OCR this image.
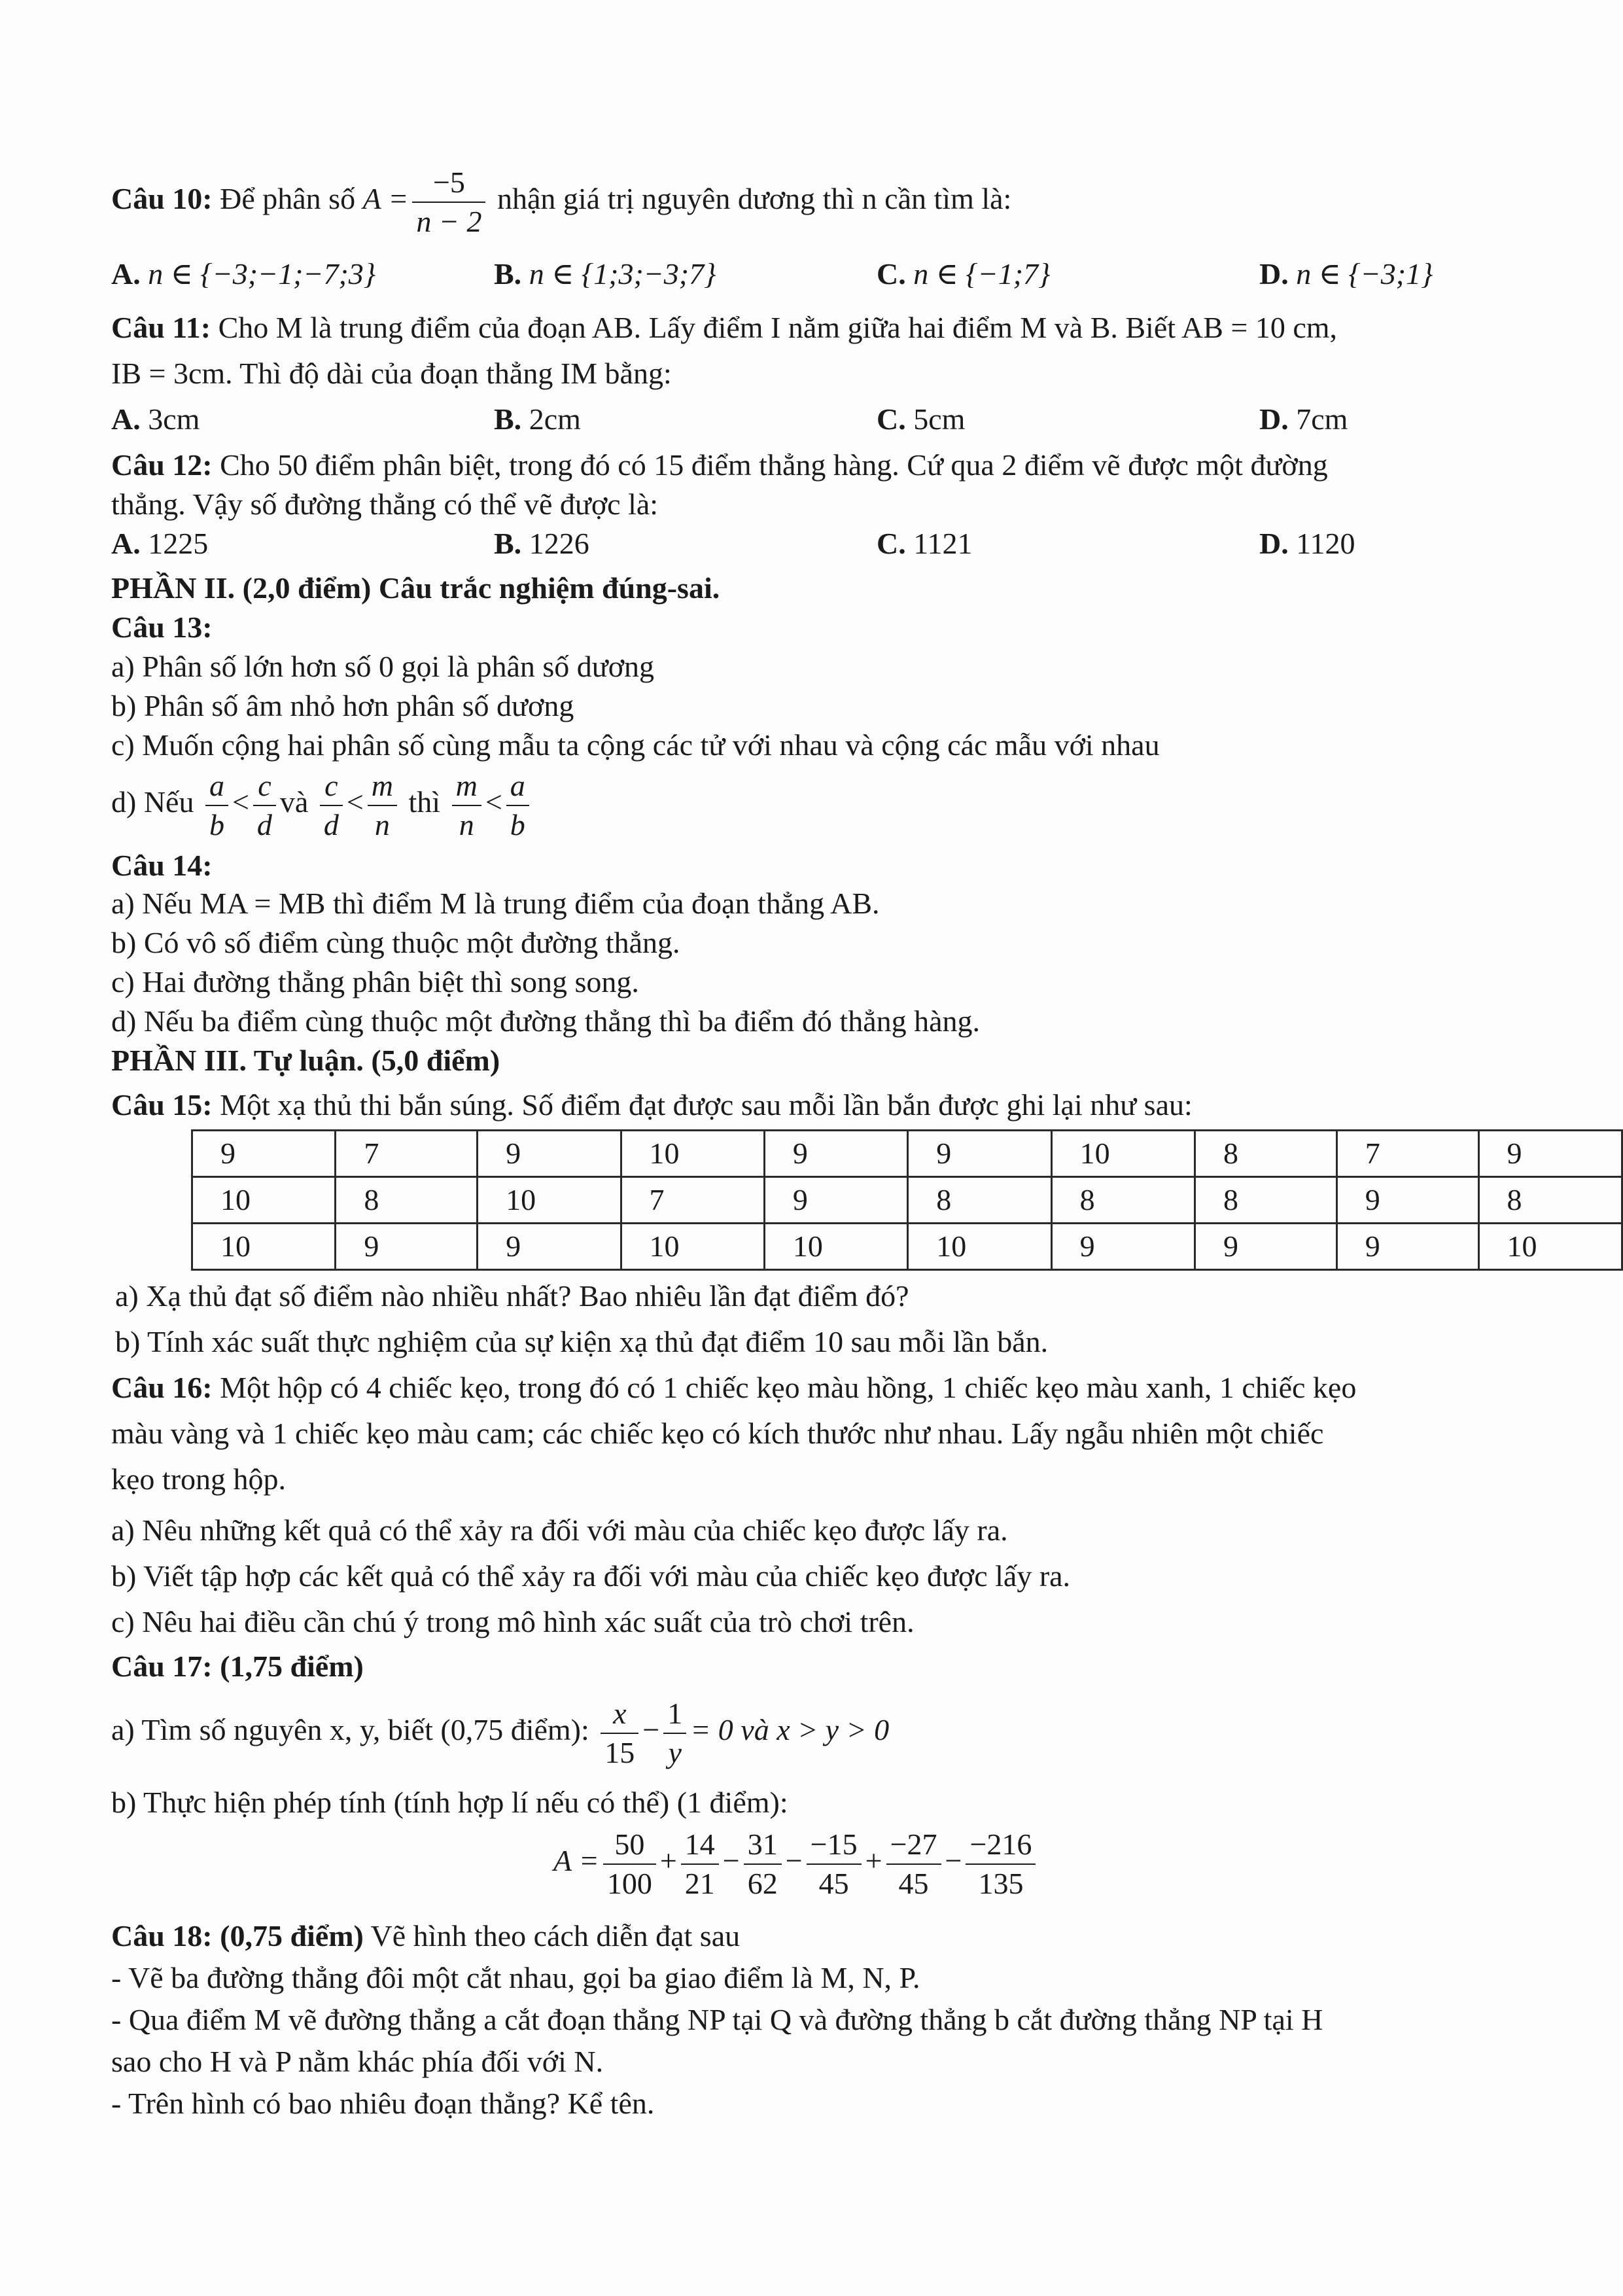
Câu 10: Để phân số $A = \frac{-5}{n - 2}$ nhận giá trị nguyên dương thì n cần tìm là:
A. n ∈ {−3;−1;−7;3}	B. n ∈ {1;3;−3;7}	C. n ∈ {−1;7}	D. n ∈ {−3;1}
Câu 11: Cho M là trung điểm của đoạn AB. Lấy điểm I nằm giữa hai điểm M và B. Biết AB = 10 cm,
IB = 3cm. Thì độ dài của đoạn thẳng IM bằng:
A. 3cm	B. 2cm	C. 5cm	D. 7cm
Câu 12: Cho 50 điểm phân biệt, trong đó có 15 điểm thẳng hàng. Cứ qua 2 điểm vẽ được một đường
thẳng. Vậy số đường thẳng có thể vẽ được là:
A. 1225	B. 1226	C. 1121	D. 1120
PHẦN II. (2,0 điểm) Câu trắc nghiệm đúng-sai.
Câu 13:
a) Phân số lớn hơn số 0 gọi là phân số dương
b) Phân số âm nhỏ hơn phân số dương
c) Muốn cộng hai phân số cùng mẫu ta cộng các tử với nhau và cộng các mẫu với nhau
d) Nếu $\frac{a}{b} < \frac{c}{d}$ và $\frac{c}{d} < \frac{m}{n}$ thì $\frac{m}{n} < \frac{a}{b}$
Câu 14:
a) Nếu MA = MB thì điểm M là trung điểm của đoạn thẳng AB.
b) Có vô số điểm cùng thuộc một đường thẳng.
c) Hai đường thẳng phân biệt thì song song.
d) Nếu ba điểm cùng thuộc một đường thẳng thì ba điểm đó thẳng hàng.
PHẦN III. Tự luận. (5,0 điểm)
Câu 15: Một xạ thủ thi bắn súng. Số điểm đạt được sau mỗi lần bắn được ghi lại như sau:
9	7	9	10	9	9	10	8	7	9
10	8	10	7	9	8	8	8	9	8
10	9	9	10	10	10	9	9	9	10
a) Xạ thủ đạt số điểm nào nhiều nhất? Bao nhiêu lần đạt điểm đó?
b) Tính xác suất thực nghiệm của sự kiện xạ thủ đạt điểm 10 sau mỗi lần bắn.
Câu 16: Một hộp có 4 chiếc kẹo, trong đó có 1 chiếc kẹo màu hồng, 1 chiếc kẹo màu xanh, 1 chiếc kẹo
màu vàng và 1 chiếc kẹo màu cam; các chiếc kẹo có kích thước như nhau. Lấy ngẫu nhiên một chiếc
kẹo trong hộp.
a) Nêu những kết quả có thể xảy ra đối với màu của chiếc kẹo được lấy ra.
b) Viết tập hợp các kết quả có thể xảy ra đối với màu của chiếc kẹo được lấy ra.
c) Nêu hai điều cần chú ý trong mô hình xác suất của trò chơi trên.
Câu 17: (1,75 điểm)
a) Tìm số nguyên x, y, biết (0,75 điểm): $\frac{x}{15} - \frac{1}{y} = 0$ và x > y > 0
b) Thực hiện phép tính (tính hợp lí nếu có thể) (1 điểm):
$A = \frac{50}{100} + \frac{14}{21} - \frac{31}{62} - \frac{-15}{45} + \frac{-27}{45} - \frac{-216}{135}$
Câu 18: (0,75 điểm) Vẽ hình theo cách diễn đạt sau
- Vẽ ba đường thẳng đôi một cắt nhau, gọi ba giao điểm là M, N, P.
- Qua điểm M vẽ đường thẳng a cắt đoạn thẳng NP tại Q và đường thẳng b cắt đường thẳng NP tại H
sao cho H và P nằm khác phía đối với N.
- Trên hình có bao nhiêu đoạn thẳng? Kể tên.
